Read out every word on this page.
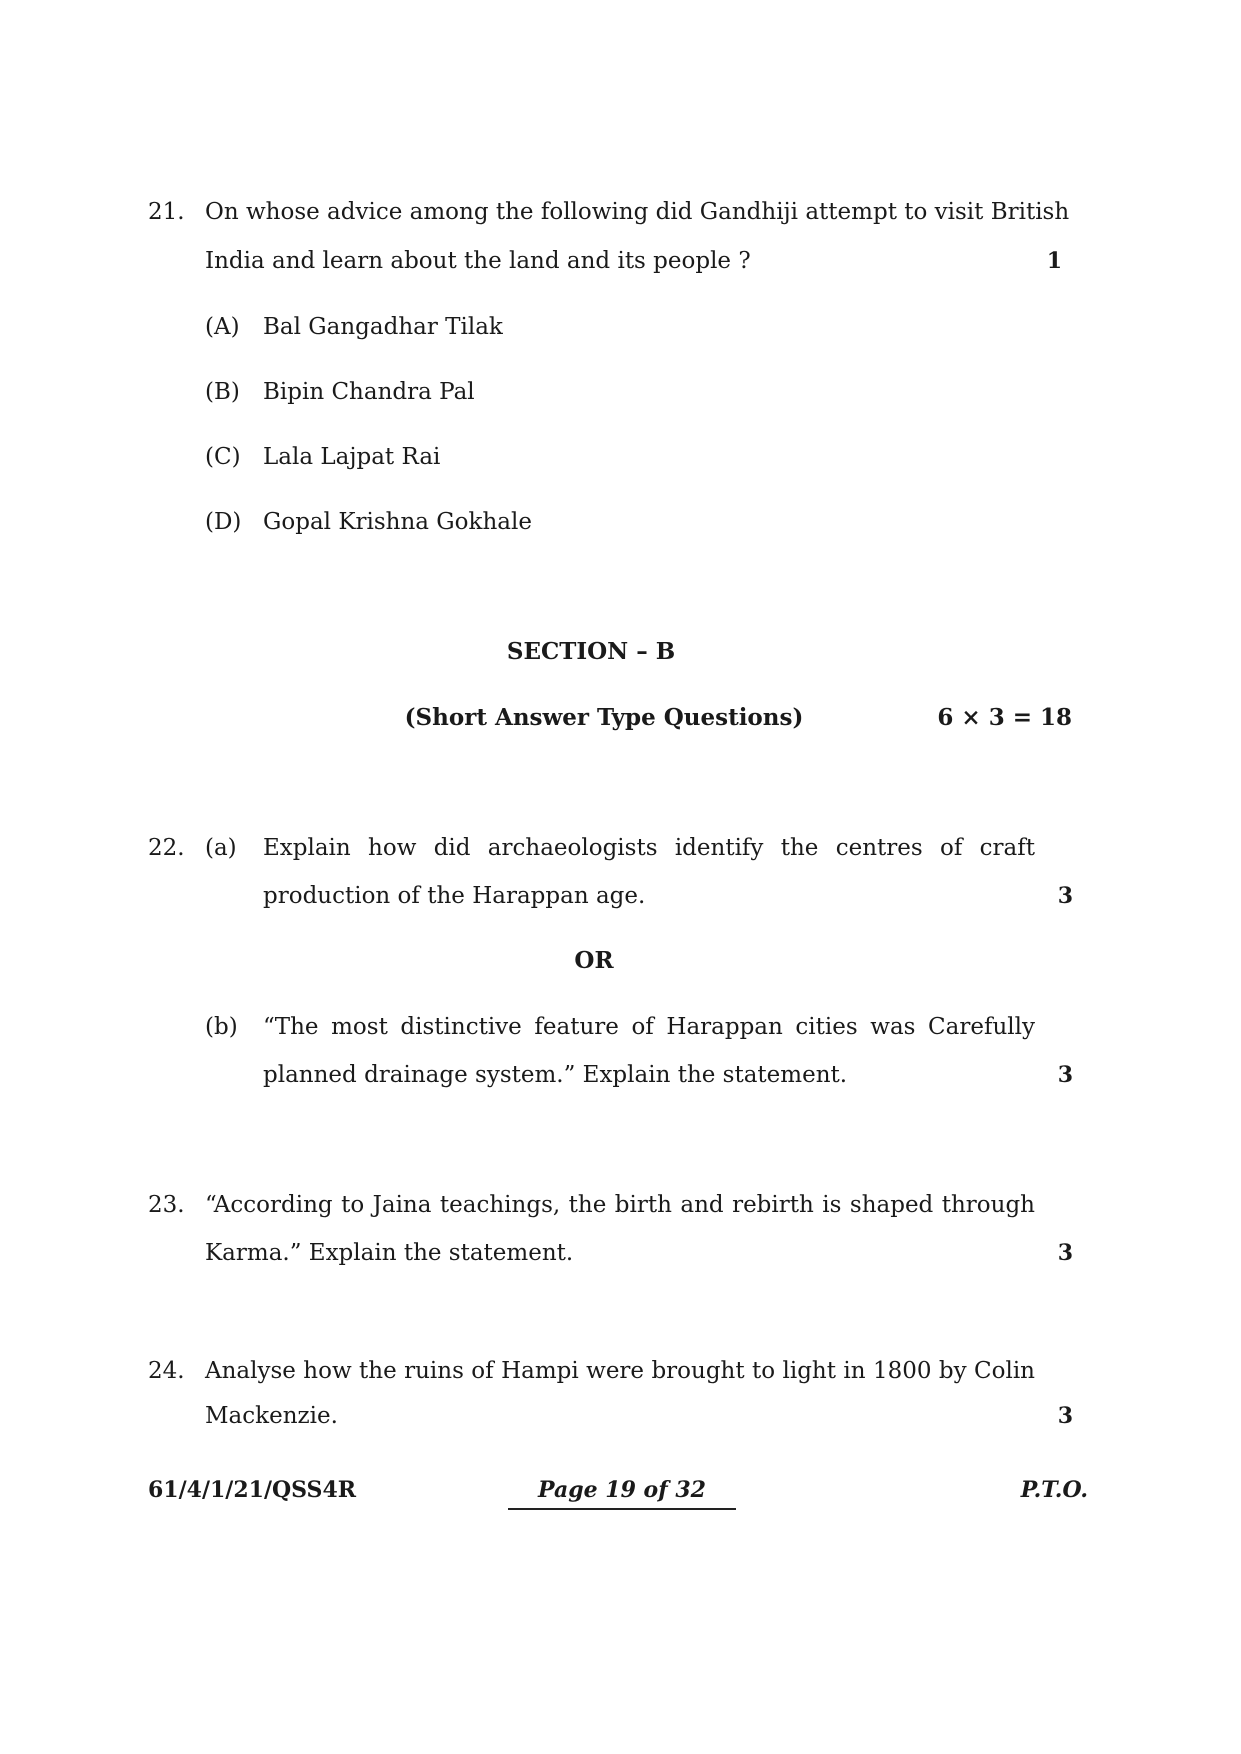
21. On whose advice among the following did Gandhiji attempt to visit British
India and learn about the land and its people ?	1
(A) Bal Gangadhar Tilak
(B) Bipin Chandra Pal
(C) Lala Lajpat Rai
(D) Gopal Krishna Gokhale
SECTION – B
(Short Answer Type Questions)	6 × 3 = 18
22. (a) Explain how did archaeologists identify the centres of craft
production of the Harappan age.	3
OR
(b) “The most distinctive feature of Harappan cities was Carefully
planned drainage system.” Explain the statement.	3
23. “According to Jaina teachings, the birth and rebirth is shaped through
Karma.” Explain the statement.	3
24. Analyse how the ruins of Hampi were brought to light in 1800 by Colin
Mackenzie.	3
61/4/1/21/QSS4R	Page 19 of 32	P.T.O.
